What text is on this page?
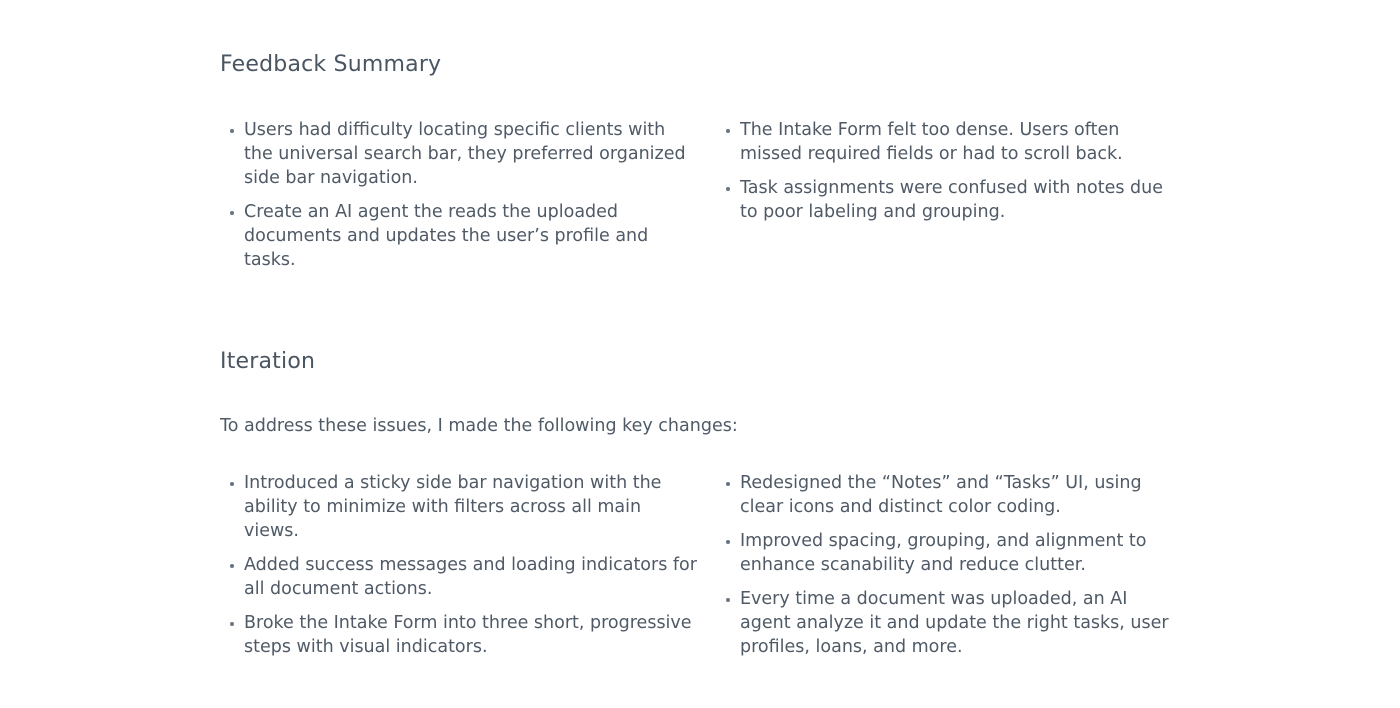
Feedback Summary
Users had difficulty locating specific clients with the universal search bar, they preferred organized side bar navigation.
Create an AI agent the reads the uploaded documents and updates the user’s profile and tasks.
The Intake Form felt too dense. Users often missed required fields or had to scroll back.
Task assignments were confused with notes due to poor labeling and grouping.
Iteration

To address these issues, I made the following key changes:

Introduced a sticky side bar navigation with the ability to minimize with filters across all main views.
Added success messages and loading indicators for all document actions.
Broke the Intake Form into three short, progressive steps with visual indicators.
Redesigned the “Notes” and “Tasks” UI, using clear icons and distinct color coding.
Improved spacing, grouping, and alignment to enhance scanability and reduce clutter.
Every time a document was uploaded, an AI agent analyze it and update the right tasks, user profiles, loans, and more.
